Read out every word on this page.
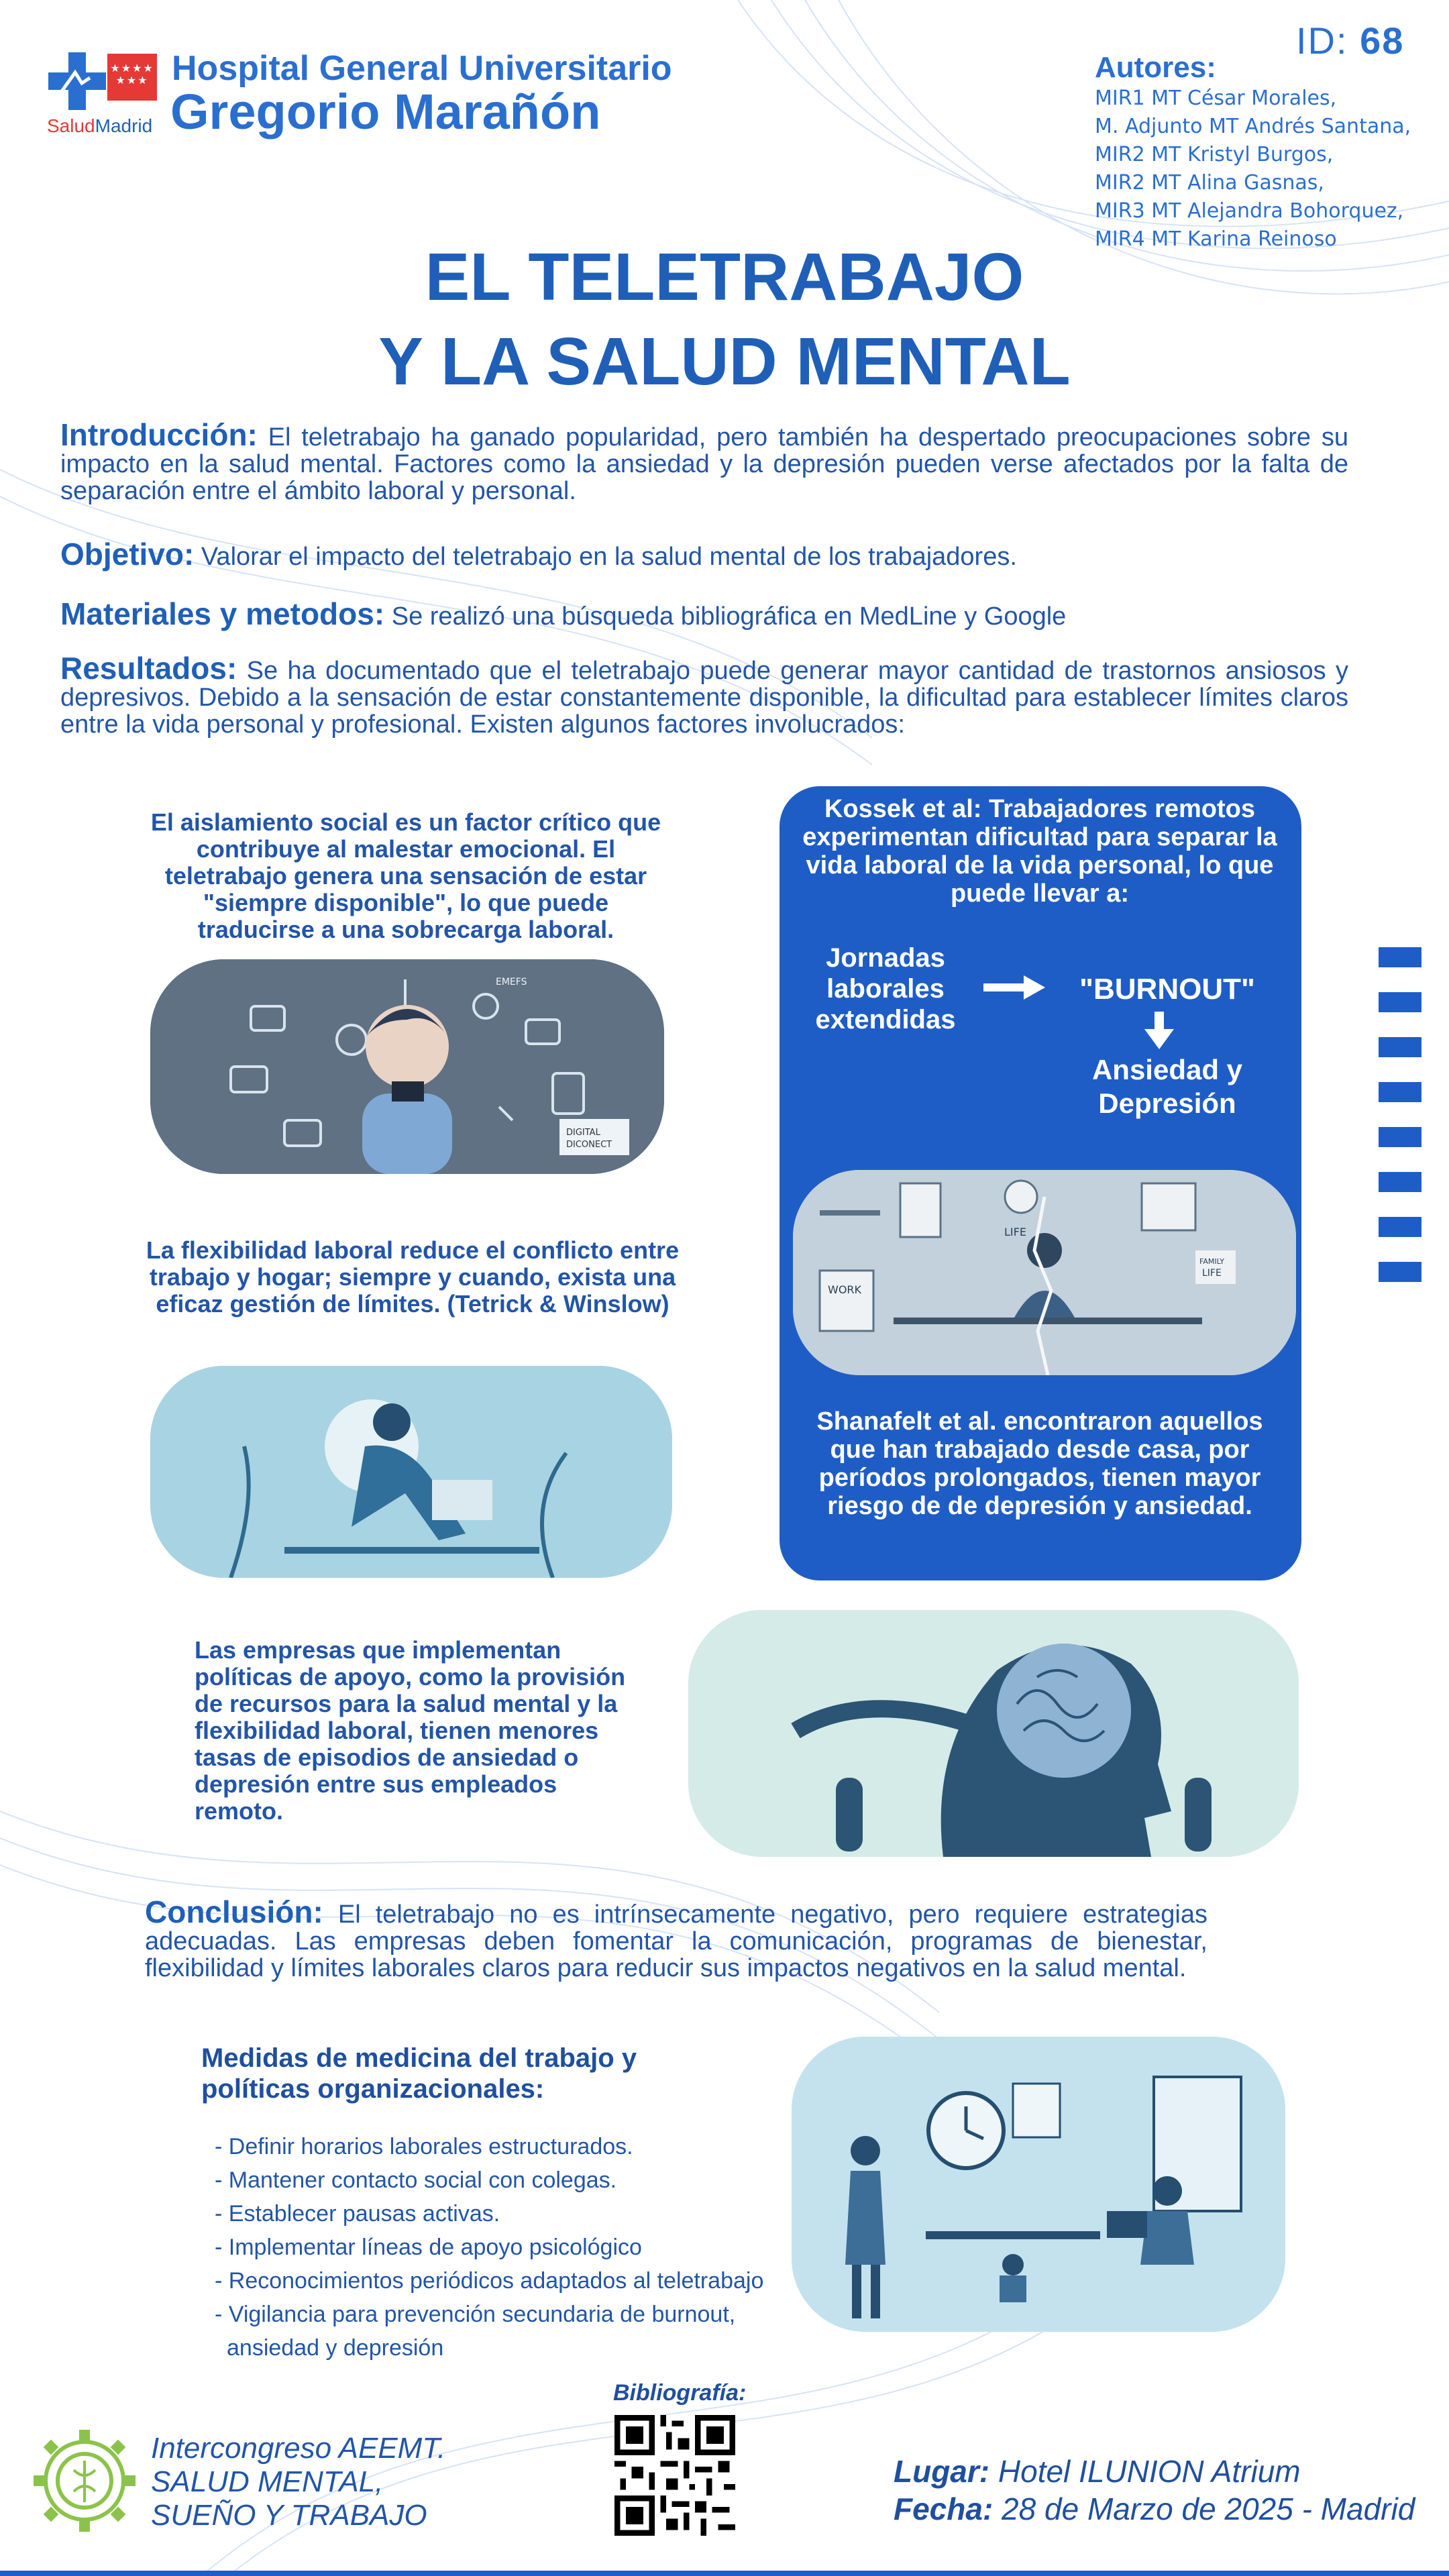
★★★★
★★★
SaludMadrid
Hospital General Universitario
Gregorio Marañón
ID: 68
Autores:
MIR1 MT César Morales,
M. Adjunto MT Andrés Santana,
MIR2 MT Kristyl Burgos,
MIR2 MT Alina Gasnas,
MIR3 MT Alejandra Bohorquez,
MIR4 MT Karina Reinoso
EL TELETRABAJO
Y LA SALUD MENTAL
Introducción: El teletrabajo ha ganado popularidad, pero también ha despertado preocupaciones sobre su impacto en la salud mental. Factores como la ansiedad y la depresión pueden verse afectados por la falta de separación entre el ámbito laboral y personal.
Objetivo: Valorar el impacto del teletrabajo en la salud mental de los trabajadores.
Materiales y metodos: Se realizó una búsqueda bibliográfica en MedLine y Google
Resultados: Se ha documentado que el teletrabajo puede generar mayor cantidad de trastornos ansiosos y depresivos. Debido a la sensación de estar constantemente disponible, la dificultad para establecer límites claros entre la vida personal y profesional. Existen algunos factores involucrados:
El aislamiento social es un factor crítico que contribuye al malestar emocional. El teletrabajo genera una sensación de estar "siempre disponible", lo que puede traducirse a una sobrecarga laboral.
EMEFS
DIGITAL
DICONECT
La flexibilidad laboral reduce el conflicto entre trabajo y hogar; siempre y cuando, exista una eficaz gestión de límites. (Tetrick & Winslow)
Las empresas que implementan políticas de apoyo, como la provisión de recursos para la salud mental y la flexibilidad laboral, tienen menores tasas de episodios de ansiedad o depresión entre sus empleados remoto.
Kossek et al: Trabajadores remotos experimentan dificultad para separar la vida laboral de la vida personal, lo que puede llevar a:
Jornadas laborales extendidas
"BURNOUT"
Ansiedad y Depresión
LIFE
FAMILY
LIFE
WORK
Shanafelt et al. encontraron aquellos que han trabajado desde casa, por períodos prolongados, tienen mayor riesgo de de depresión y ansiedad.
Conclusión: El teletrabajo no es intrínsecamente negativo, pero requiere estrategias adecuadas. Las empresas deben fomentar la comunicación, programas de bienestar, flexibilidad y límites laborales claros para reducir sus impactos negativos en la salud mental.
Medidas de medicina del trabajo y
políticas organizacionales:
- Definir horarios laborales estructurados.
- Mantener contacto social con colegas.
- Establecer pausas activas.
- Implementar líneas de apoyo psicológico
- Reconocimientos periódicos adaptados al teletrabajo
- Vigilancia para prevención secundaria de burnout,
ansiedad y depresión
Intercongreso AEEMT.
SALUD MENTAL,
SUEÑO Y TRABAJO
Bibliografía:
Lugar: Hotel ILUNION Atrium
Fecha: 28 de Marzo de 2025 - Madrid
